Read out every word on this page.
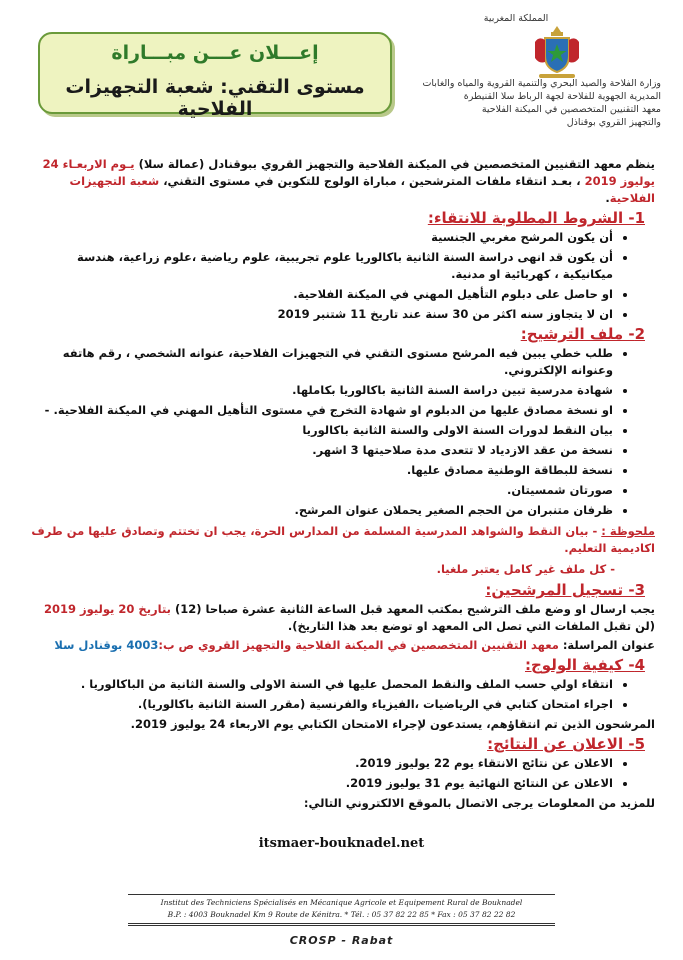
إعـــلان عـــن مبـــاراة
مستوى التقني: شعبة التجهيزات الفلاحية
المملكة المغربية
وزارة الفلاحة والصيد البحري والتنمية القروية والمياه والغابات
المديرية الجهوية للفلاحة لجهة الرباط سلا القنيطرة
معهد التقنيين المتخصصين في الميكنة الفلاحية
والتجهيز القروي بوقناذل

ينظم معهد التقنيين المتخصصين في الميكنة الفلاحية والتجهيز القروي ببوقنادل (عمالة سلا) يـوم الاربعـاء 24 يوليوز 2019 ، بعـد انتقاء ملفات المترشحين ، مباراة الولوج للتكوين في مستوى التقني، شعبة التجهيزات الفلاحية.

1- الشروط المطلوبة للانتقاء:
• أن يكون المرشح مغربي الجنسية
• أن يكون قد انهى دراسة السنة الثانية باكالوريا علوم تجريبية، علوم رياضية ،علوم زراعية، هندسة ميكانيكية ، كهربائية او مدنية.
• او حاصل على دبلوم التأهيل المهني في الميكنة الفلاحية.
• ان لا يتجاوز سنه اكثر من 30 سنة عند تاريخ 11 شتنبر 2019
2- ملف الترشيح:
• طلب خطي يبين فيه المرشح مستوى التقني في التجهيزات الفلاحية، عنوانه الشخصي ، رقم هاتفه وعنوانه الإلكتروني.
• شهادة مدرسية تبين دراسة السنة الثانية باكالوريا بكاملها.
• او نسخة مصادق عليها من الدبلوم او شهادة التخرج في مستوى التأهيل المهني في الميكنة الفلاحية. -
• بيان النقط لدورات السنة الاولى والسنة الثانية باكالوريا
• نسخة من عقد الازدياد لا تتعدى مدة صلاحيتها 3 اشهر.
• نسخة للبطاقة الوطنية مصادق عليها.
• صورتان شمسيتان.
• ظرفان متنبران من الحجم الصغير يحملان عنوان المرشح.

ملحوظة : - بيان النقط والشواهد المدرسية المسلمة من المدارس الحرة، يجب ان تختتم وتصادق عليها من طرف اكاديمية التعليم.

- كل ملف غير كامل يعتبر ملغيا.

3- تسجيل المرشحين:

يجب ارسال او وضع ملف الترشيح بمكتب المعهد قبل الساعة الثانية عشرة صباحا (12) بتاريخ 20 يوليوز 2019 (لن تقبل الملفات التي تصل الى المعهد او توضع بعد هذا التاريخ).

عنوان المراسلة: معهد التقنيين المتخصصين في الميكنة الفلاحية والتجهيز القروي ص ب:4003 بوقنادل سلا

4- كيفية الولوج:
• انتقاء اولي حسب الملف والنقط المحصل عليها في السنة الاولى والسنة الثانية من الباكالوريا .
• اجراء امتحان كتابي في الرياضيات ،الفيزياء والفرنسية (مقرر السنة الثانية باكالوريا).

المرشحون الذين تم انتقاؤهم، يستدعون لإجراء الامتحان الكتابي يوم الاربعاء 24 يوليوز 2019.

5- الاعلان عن النتائج:
• الاعلان عن نتائج الانتقاء يوم 22 يوليوز 2019.
• الاعلان عن النتائج النهائية يوم 31 يوليوز 2019.

للمزيد من المعلومات يرجى الاتصال بالموقع الالكتروني التالي:

itsmaer-bouknadel.net
Institut des Techniciens Spécialisés en Mécanique Agricole et Equipement Rural de Bouknadel
B.P. : 4003 Bouknadel Km 9 Route de Kénitra. * Tél. : 05 37 82 22 85 * Fax : 05 37 82 22 82
CROSP - Rabat
